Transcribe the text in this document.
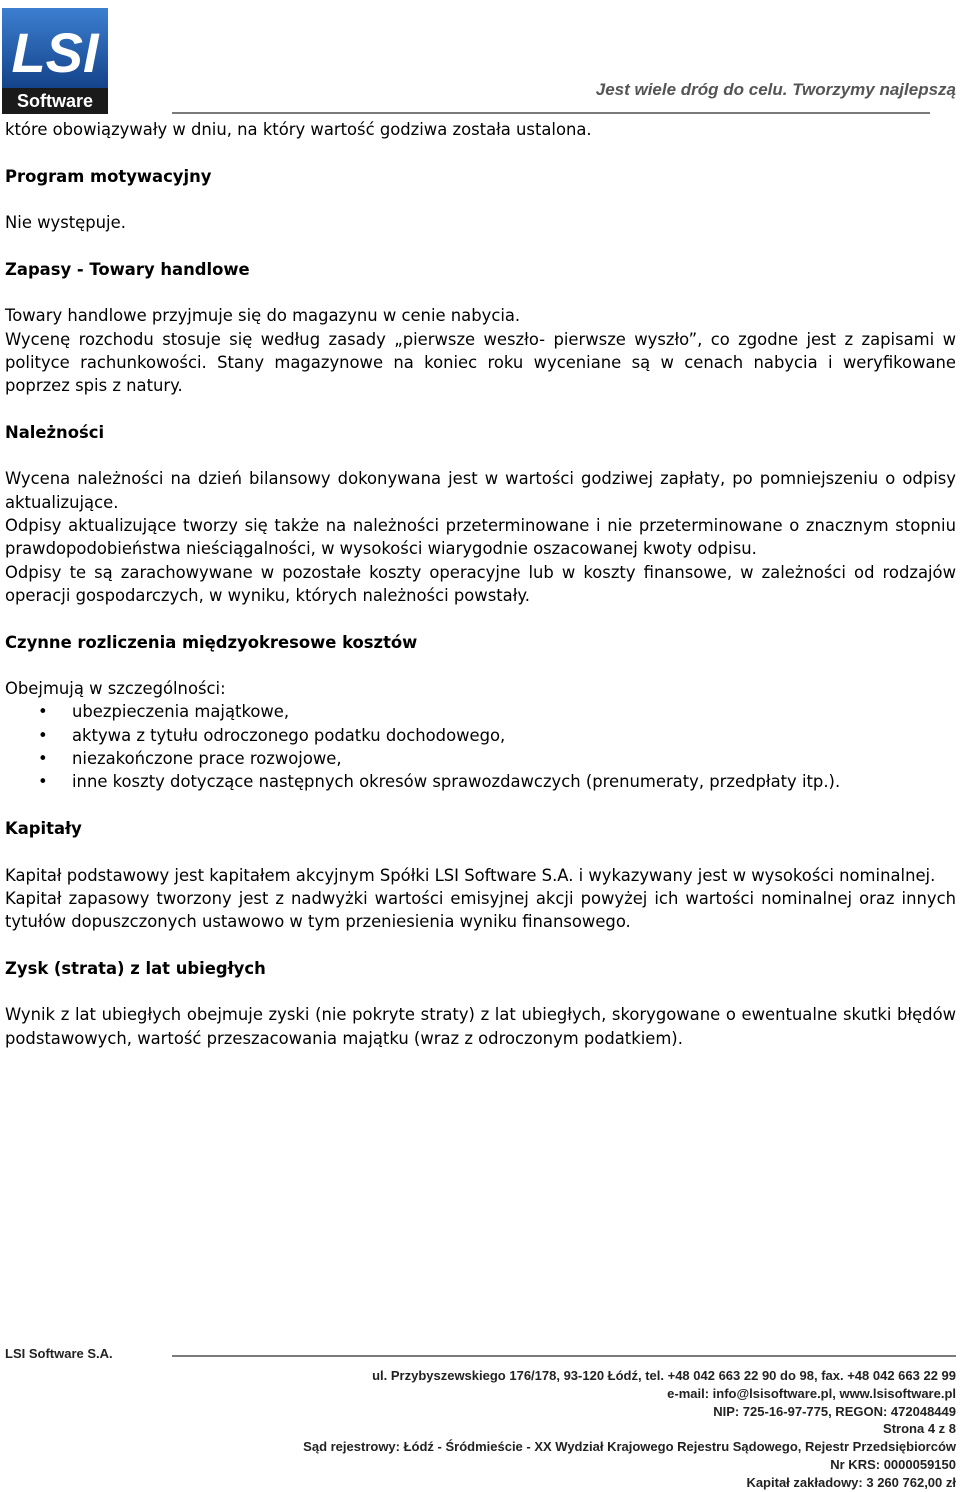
LSI
Software
Jest wiele dróg do celu. Tworzymy najlepszą

które obowiązywały w dniu, na który wartość godziwa została ustalona.

Program motywacyjny

Nie występuje.

Zapasy - Towary handlowe

Towary handlowe przyjmuje się do magazynu w cenie nabycia.

Wycenę rozchodu stosuje się według zasady „pierwsze weszło- pierwsze wyszło”, co zgodne jest z zapisami w polityce rachunkowości. Stany magazynowe na koniec roku wyceniane są w cenach nabycia i weryfikowane poprzez spis z natury.

Należności

Wycena należności na dzień bilansowy dokonywana jest w wartości godziwej zapłaty, po pomniejszeniu o odpisy aktualizujące.

Odpisy aktualizujące tworzy się także na należności przeterminowane i nie przeterminowane o znacznym stopniu prawdopodobieństwa nieściągalności, w wysokości wiarygodnie oszacowanej kwoty odpisu.

Odpisy te są zarachowywane w pozostałe koszty operacyjne lub w koszty finansowe, w zależności od rodzajów operacji gospodarczych, w wyniku, których należności powstały.

Czynne rozliczenia międzyokresowe kosztów

Obejmują w szczególności:

• ubezpieczenia majątkowe,
• aktywa z tytułu odroczonego podatku dochodowego,
• niezakończone prace rozwojowe,
• inne koszty dotyczące następnych okresów sprawozdawczych (prenumeraty, przedpłaty itp.).
Kapitały

Kapitał podstawowy jest kapitałem akcyjnym Spółki LSI Software S.A. i wykazywany jest w wysokości nominalnej.

Kapitał zapasowy tworzony jest z nadwyżki wartości emisyjnej akcji powyżej ich wartości nominalnej oraz innych tytułów dopuszczonych ustawowo w tym przeniesienia wyniku finansowego.

Zysk (strata) z lat ubiegłych

Wynik z lat ubiegłych obejmuje zyski (nie pokryte straty) z lat ubiegłych, skorygowane o ewentualne skutki błędów podstawowych, wartość przeszacowania majątku (wraz z odroczonym podatkiem).

LSI Software S.A.
ul. Przybyszewskiego 176/178, 93-120 Łódź, tel. +48 042 663 22 90 do 98, fax. +48 042 663 22 99
e-mail: info@lsisoftware.pl, www.lsisoftware.pl
NIP: 725-16-97-775, REGON: 472048449
Strona 4 z 8
Sąd rejestrowy: Łódź - Śródmieście - XX Wydział Krajowego Rejestru Sądowego, Rejestr Przedsiębiorców
Nr KRS: 0000059150
Kapitał zakładowy: 3 260 762,00 zł
